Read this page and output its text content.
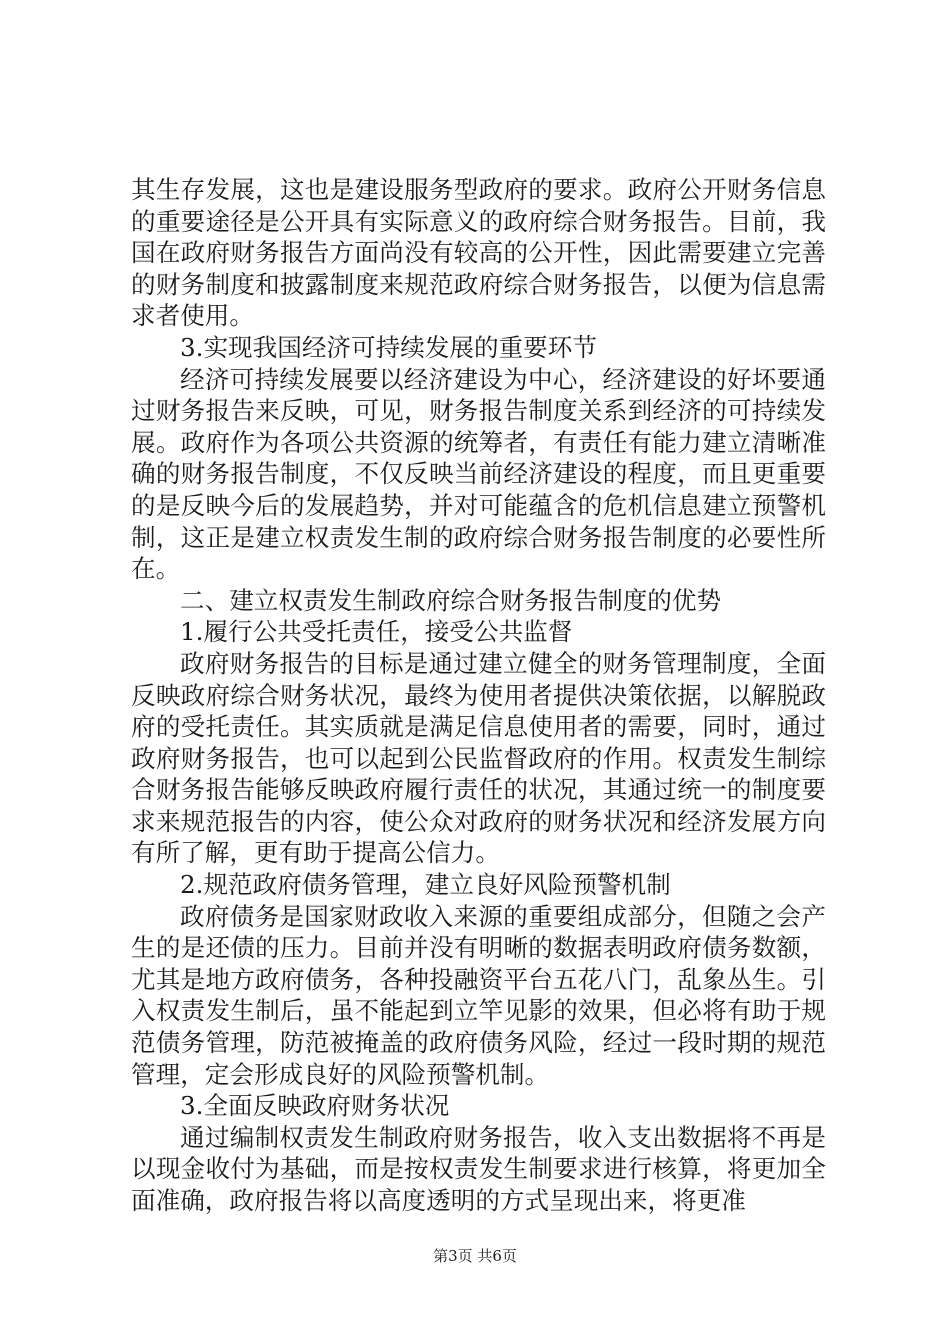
其生存发展，这也是建设服务型政府的要求。政府公开财务信息的重要途径是公开具有实际意义的政府综合财务报告。目前，我国在政府财务报告方面尚没有较高的公开性，因此需要建立完善的财务制度和披露制度来规范政府综合财务报告，以便为信息需求者使用。

3.实现我国经济可持续发展的重要环节

经济可持续发展要以经济建设为中心，经济建设的好坏要通过财务报告来反映，可见，财务报告制度关系到经济的可持续发展。政府作为各项公共资源的统筹者，有责任有能力建立清晰准确的财务报告制度，不仅反映当前经济建设的程度，而且更重要的是反映今后的发展趋势，并对可能蕴含的危机信息建立预警机制，这正是建立权责发生制的政府综合财务报告制度的必要性所在。

二、建立权责发生制政府综合财务报告制度的优势

1.履行公共受托责任，接受公共监督

政府财务报告的目标是通过建立健全的财务管理制度，全面反映政府综合财务状况，最终为使用者提供决策依据，以解脱政府的受托责任。其实质就是满足信息使用者的需要，同时，通过政府财务报告，也可以起到公民监督政府的作用。权责发生制综合财务报告能够反映政府履行责任的状况，其通过统一的制度要求来规范报告的内容，使公众对政府的财务状况和经济发展方向有所了解，更有助于提高公信力。

2.规范政府债务管理，建立良好风险预警机制

政府债务是国家财政收入来源的重要组成部分，但随之会产生的是还债的压力。目前并没有明晰的数据表明政府债务数额，尤其是地方政府债务，各种投融资平台五花八门，乱象丛生。引入权责发生制后，虽不能起到立竿见影的效果，但必将有助于规范债务管理，防范被掩盖的政府债务风险，经过一段时期的规范管理，定会形成良好的风险预警机制。

3.全面反映政府财务状况

通过编制权责发生制政府财务报告，收入支出数据将不再是以现金收付为基础，而是按权责发生制要求进行核算，将更加全面准确，政府报告将以高度透明的方式呈现出来，将更准

第3页 共6页
